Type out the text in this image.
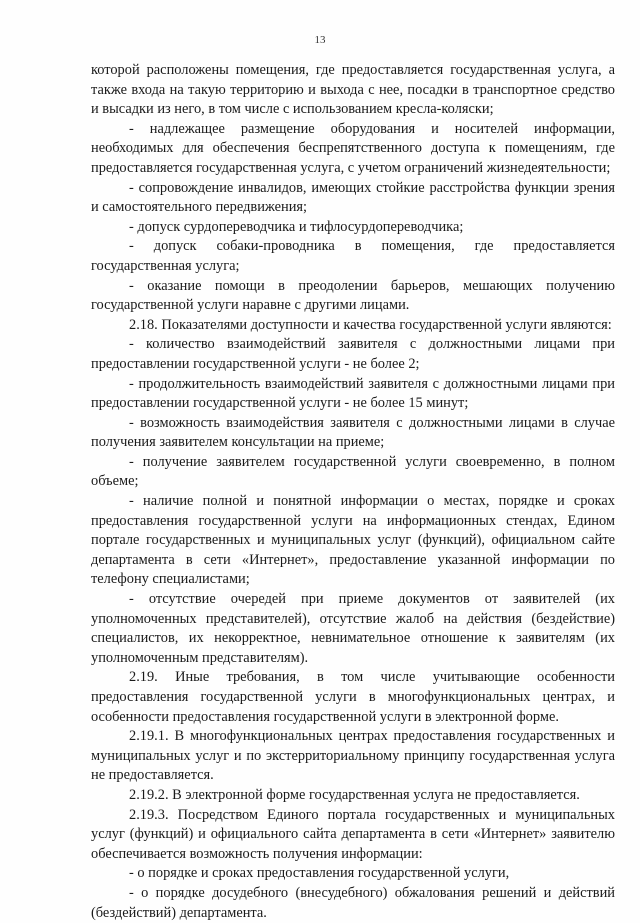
13

которой расположены помещения, где предоставляется государственная услуга, а также входа на такую территорию и выхода с нее, посадки в транспортное средство и высадки из него, в том числе с использованием кресла-коляски;

- надлежащее размещение оборудования и носителей информации, необходимых для обеспечения беспрепятственного доступа к помещениям, где предоставляется государственная услуга, с учетом ограничений жизнедеятельности;

- сопровождение инвалидов, имеющих стойкие расстройства функции зрения и самостоятельного передвижения;

- допуск сурдопереводчика и тифлосурдопереводчика;

- допуск собаки-проводника в помещения, где предоставляется государственная услуга;

- оказание помощи в преодолении барьеров, мешающих получению государственной услуги наравне с другими лицами.

2.18. Показателями доступности и качества государственной услуги являются:

- количество взаимодействий заявителя с должностными лицами при предоставлении государственной услуги - не более 2;

- продолжительность взаимодействий заявителя с должностными лицами при предоставлении государственной услуги - не более 15 минут;

- возможность взаимодействия заявителя с должностными лицами в случае получения заявителем консультации на приеме;

- получение заявителем государственной услуги своевременно, в полном объеме;

- наличие полной и понятной информации о местах, порядке и сроках предоставления государственной услуги на информационных стендах, Едином портале государственных и муниципальных услуг (функций), официальном сайте департамента в сети «Интернет», предоставление указанной информации по телефону специалистами;

- отсутствие очередей при приеме документов от заявителей (их уполномоченных представителей), отсутствие жалоб на действия (бездействие) специалистов, их некорректное, невнимательное отношение к заявителям (их уполномоченным представителям).

2.19. Иные требования, в том числе учитывающие особенности предоставления государственной услуги в многофункциональных центрах, и особенности предоставления государственной услуги в электронной форме.

2.19.1. В многофункциональных центрах предоставления государственных и муниципальных услуг и по экстерриториальному принципу государственная услуга не предоставляется.

2.19.2. В электронной форме государственная услуга не предоставляется.

2.19.3. Посредством Единого портала государственных и муниципальных услуг (функций) и официального сайта департамента в сети «Интернет» заявителю обеспечивается возможность получения информации:

- о порядке и сроках предоставления государственной услуги,

- о порядке досудебного (внесудебного) обжалования решений и действий (бездействий) департамента.
